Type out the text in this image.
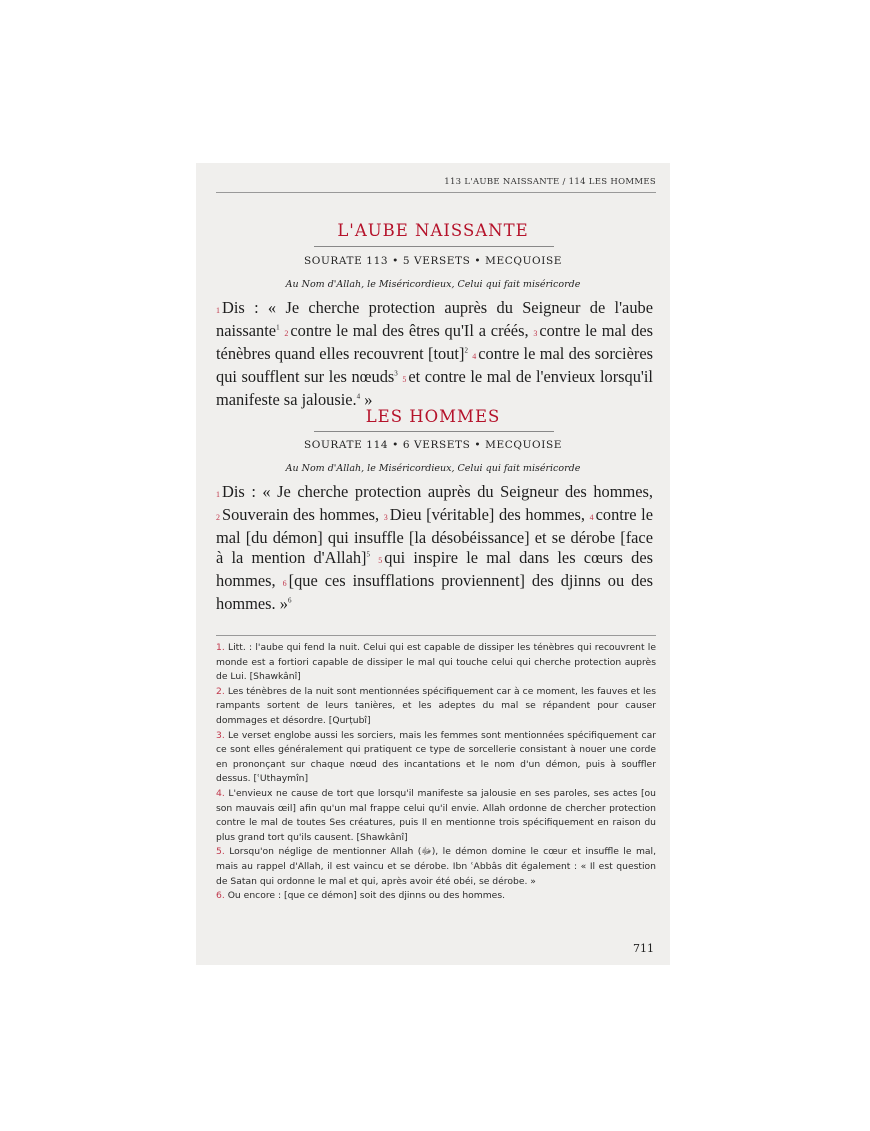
113 L'AUBE NAISSANTE / 114 LES HOMMES
L'AUBE NAISSANTE
SOURATE 113 • 5 VERSETS • MECQUOISE
Au Nom d'Allah, le Miséricordieux, Celui qui fait miséricorde
1 Dis : « Je cherche protection auprès du Seigneur de l'aube naissante$^1$ 2 contre le mal des êtres qu'Il a créés, 3 contre le mal des ténèbres quand elles recouvrent [tout]$^2$ 4 contre le mal des sorcières qui soufflent sur les nœuds$^3$ 5 et contre le mal de l'envieux lorsqu'il manifeste sa jalousie.$^4$ »
LES HOMMES
SOURATE 114 • 6 VERSETS • MECQUOISE
Au Nom d'Allah, le Miséricordieux, Celui qui fait miséricorde
1 Dis : « Je cherche protection auprès du Seigneur des hommes, 2 Souverain des hommes, 3 Dieu [véritable] des hommes, 4 contre le mal [du démon] qui insuffle [la désobéissance] et se dérobe [face à la mention d'Allah]$^5$ 5 qui inspire le mal dans les cœurs des hommes, 6 [que ces insufflations proviennent] des djinns ou des hommes. »$^6$

1. Litt. : l'aube qui fend la nuit. Celui qui est capable de dissiper les ténèbres qui recouvrent le monde est a fortiori capable de dissiper le mal qui touche celui qui cherche protection auprès de Lui. [Shawkânî]

2. Les ténèbres de la nuit sont mentionnées spécifiquement car à ce moment, les fauves et les rampants sortent de leurs tanières, et les adeptes du mal se répandent pour causer dommages et désordre. [Qurṭubî]

3. Le verset englobe aussi les sorciers, mais les femmes sont mentionnées spécifiquement car ce sont elles généralement qui pratiquent ce type de sorcellerie consistant à nouer une corde en prononçant sur chaque nœud des incantations et le nom d'un démon, puis à souffler dessus. [ʿUthaymîn]

4. L'envieux ne cause de tort que lorsqu'il manifeste sa jalousie en ses paroles, ses actes [ou son mauvais œil] afin qu'un mal frappe celui qu'il envie. Allah ordonne de chercher protection contre le mal de toutes Ses créatures, puis Il en mentionne trois spécifiquement en raison du plus grand tort qu'ils causent. [Shawkânî]

5. Lorsqu'on néglige de mentionner Allah (ﷻ), le démon domine le cœur et insuffle le mal, mais au rappel d'Allah, il est vaincu et se dérobe. Ibn ʿAbbâs dit également : « Il est question de Satan qui ordonne le mal et qui, après avoir été obéi, se dérobe. »

6. Ou encore : [que ce démon] soit des djinns ou des hommes.

711
